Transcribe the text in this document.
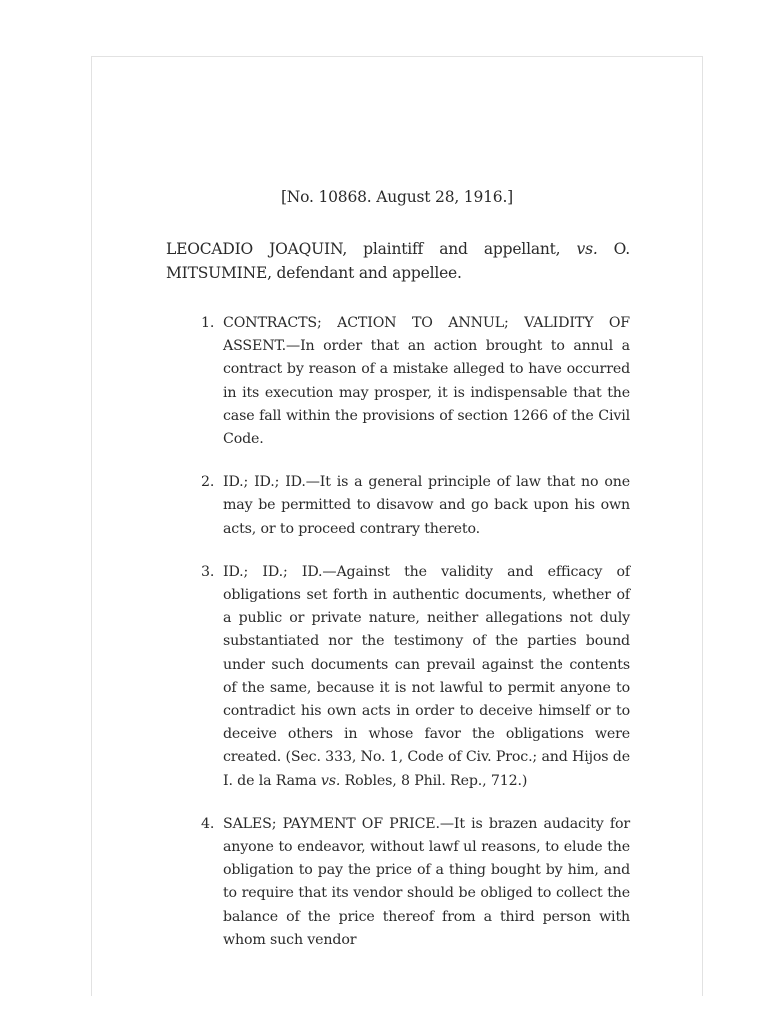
[No. 10868. August 28, 1916.]
LEOCADIO JOAQUIN, plaintiff and appellant, vs. O. MITSUMINE, defendant and appellee.
1. CONTRACTS; ACTION TO ANNUL; VALIDITY OF ASSENT.—In order that an action brought to annul a contract by reason of a mistake alleged to have occurred in its execution may prosper, it is indispensable that the case fall within the provisions of section 1266 of the Civil Code.
2. ID.; ID.; ID.—It is a general principle of law that no one may be permitted to disavow and go back upon his own acts, or to proceed contrary thereto.
3. ID.; ID.; ID.—Against the validity and efficacy of obligations set forth in authentic documents, whether of a public or private nature, neither allegations not duly substantiated nor the testimony of the parties bound under such documents can prevail against the contents of the same, because it is not lawful to permit anyone to contradict his own acts in order to deceive himself or to deceive others in whose favor the obligations were created. (Sec. 333, No. 1, Code of Civ. Proc.; and Hijos de I. de la Rama vs. Robles, 8 Phil. Rep., 712.)
4. SALES; PAYMENT OF PRICE.—It is brazen audacity for anyone to endeavor, without lawf ul reasons, to elude the obligation to pay the price of a thing bought by him, and to require that its vendor should be obliged to collect the balance of the price thereof from a third person with whom such vendor
